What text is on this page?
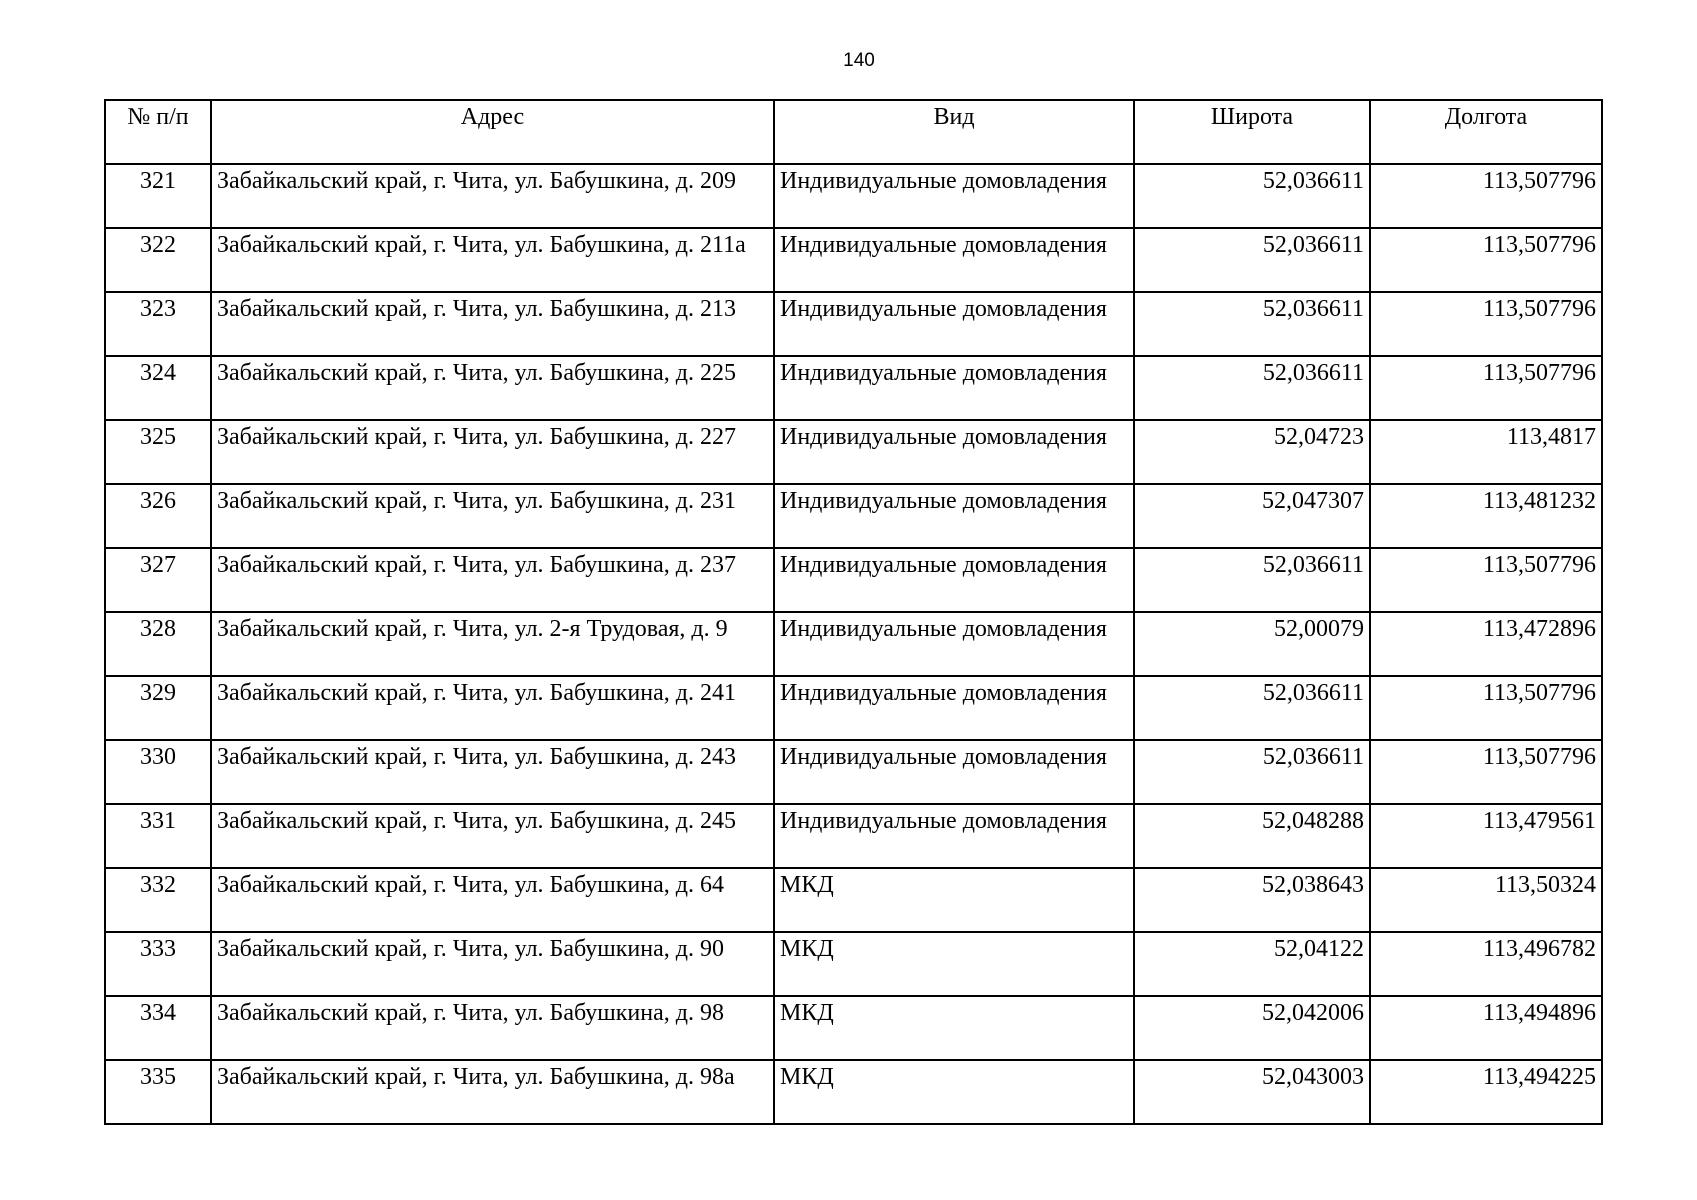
140
№ п/п	Адрес	Вид	Широта	Долгота
321	Забайкальский край, г. Чита, ул. Бабушкина, д. 209	Индивидуальные домовладения	52,036611	113,507796
322	Забайкальский край, г. Чита, ул. Бабушкина, д. 211а	Индивидуальные домовладения	52,036611	113,507796
323	Забайкальский край, г. Чита, ул. Бабушкина, д. 213	Индивидуальные домовладения	52,036611	113,507796
324	Забайкальский край, г. Чита, ул. Бабушкина, д. 225	Индивидуальные домовладения	52,036611	113,507796
325	Забайкальский край, г. Чита, ул. Бабушкина, д. 227	Индивидуальные домовладения	52,04723	113,4817
326	Забайкальский край, г. Чита, ул. Бабушкина, д. 231	Индивидуальные домовладения	52,047307	113,481232
327	Забайкальский край, г. Чита, ул. Бабушкина, д. 237	Индивидуальные домовладения	52,036611	113,507796
328	Забайкальский край, г. Чита, ул. 2-я Трудовая, д. 9	Индивидуальные домовладения	52,00079	113,472896
329	Забайкальский край, г. Чита, ул. Бабушкина, д. 241	Индивидуальные домовладения	52,036611	113,507796
330	Забайкальский край, г. Чита, ул. Бабушкина, д. 243	Индивидуальные домовладения	52,036611	113,507796
331	Забайкальский край, г. Чита, ул. Бабушкина, д. 245	Индивидуальные домовладения	52,048288	113,479561
332	Забайкальский край, г. Чита, ул. Бабушкина, д. 64	МКД	52,038643	113,50324
333	Забайкальский край, г. Чита, ул. Бабушкина, д. 90	МКД	52,04122	113,496782
334	Забайкальский край, г. Чита, ул. Бабушкина, д. 98	МКД	52,042006	113,494896
335	Забайкальский край, г. Чита, ул. Бабушкина, д. 98а	МКД	52,043003	113,494225
